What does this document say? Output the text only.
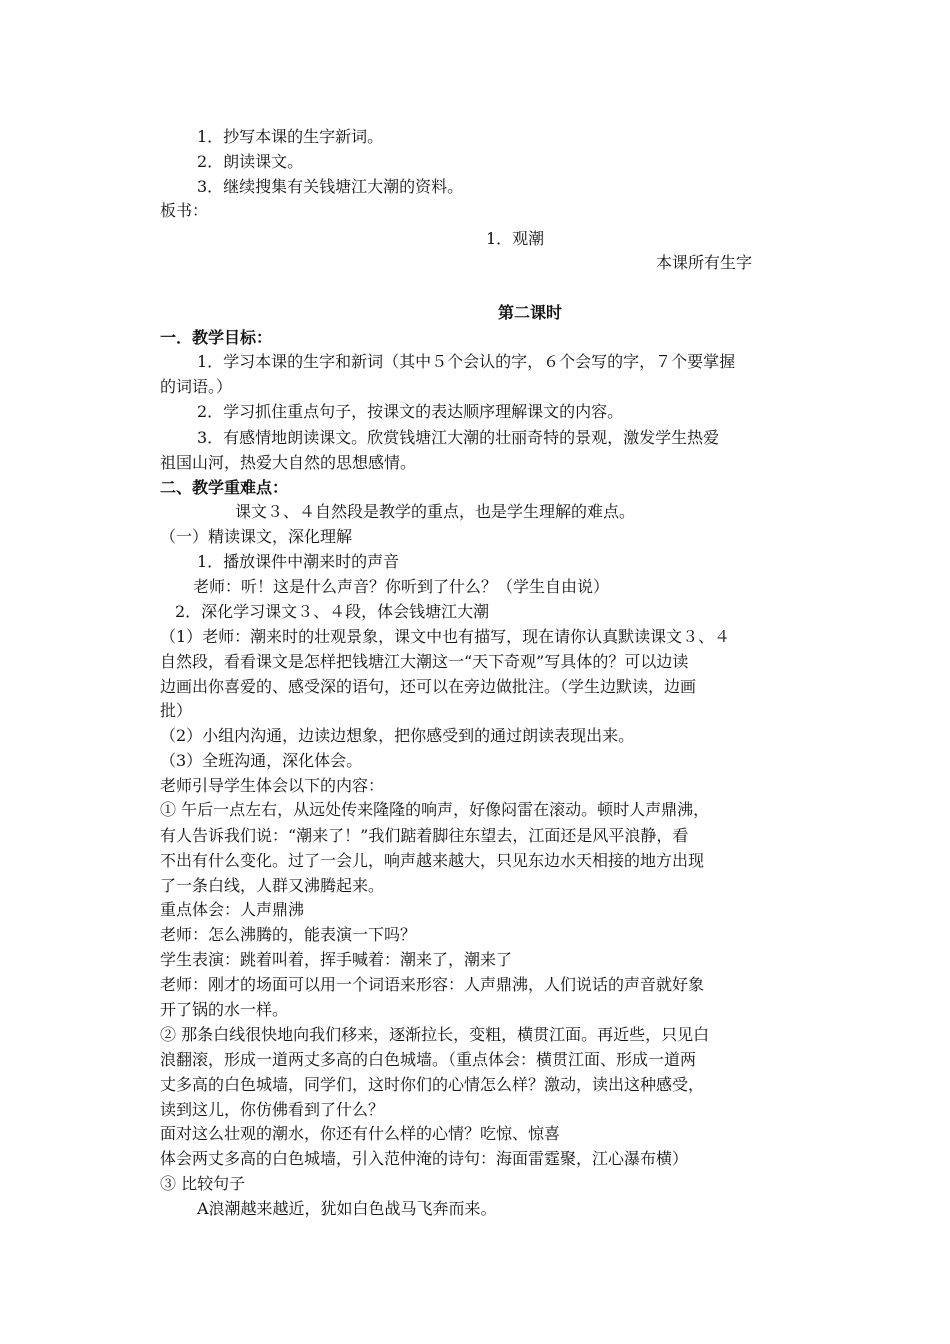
1．抄写本课的生字新词。
2．朗读课文。
3．继续搜集有关钱塘江大潮的资料。
板书：
1．观潮
本课所有生字
第二课时
一．教学目标：
1．学习本课的生字和新词（其中５个会认的字，６个会写的字，７个要掌握
的词语。）
2．学习抓住重点句子，按课文的表达顺序理解课文的内容。
3．有感情地朗读课文。欣赏钱塘江大潮的壮丽奇特的景观，激发学生热爱
祖国山河，热爱大自然的思想感情。
二、教学重难点：
课文３、４自然段是教学的重点，也是学生理解的难点。
（一）精读课文，深化理解
1．播放课件中潮来时的声音
老师：听！这是什么声音？你听到了什么？（学生自由说）
2．深化学习课文３、４段，体会钱塘江大潮
（1）老师：潮来时的壮观景象，课文中也有描写，现在请你认真默读课文３、４
自然段，看看课文是怎样把钱塘江大潮这一“天下奇观”写具体的？可以边读
边画出你喜爱的、感受深的语句，还可以在旁边做批注。（学生边默读，边画
批）
（2）小组内沟通，边读边想象，把你感受到的通过朗读表现出来。
（3）全班沟通，深化体会。
老师引导学生体会以下的内容：
① 午后一点左右，从远处传来隆隆的响声，好像闷雷在滚动。顿时人声鼎沸，
有人告诉我们说：“潮来了！”我们踮着脚往东望去，江面还是风平浪静，看
不出有什么变化。过了一会儿，响声越来越大，只见东边水天相接的地方出现
了一条白线，人群又沸腾起来。
重点体会：人声鼎沸
老师：怎么沸腾的，能表演一下吗？
学生表演：跳着叫着，挥手喊着：潮来了，潮来了
老师：刚才的场面可以用一个词语来形容：人声鼎沸，人们说话的声音就好象
开了锅的水一样。
② 那条白线很快地向我们移来，逐渐拉长，变粗，横贯江面。再近些，只见白
浪翻滚，形成一道两丈多高的白色城墙。（重点体会：横贯江面、形成一道两
丈多高的白色城墙，同学们，这时你们的心情怎么样？激动，读出这种感受，
读到这儿，你仿佛看到了什么？
面对这么壮观的潮水，你还有什么样的心情？吃惊、惊喜
体会两丈多高的白色城墙，引入范仲淹的诗句：海面雷霆聚，江心瀑布横）
③ 比较句子
A浪潮越来越近，犹如白色战马飞奔而来。
